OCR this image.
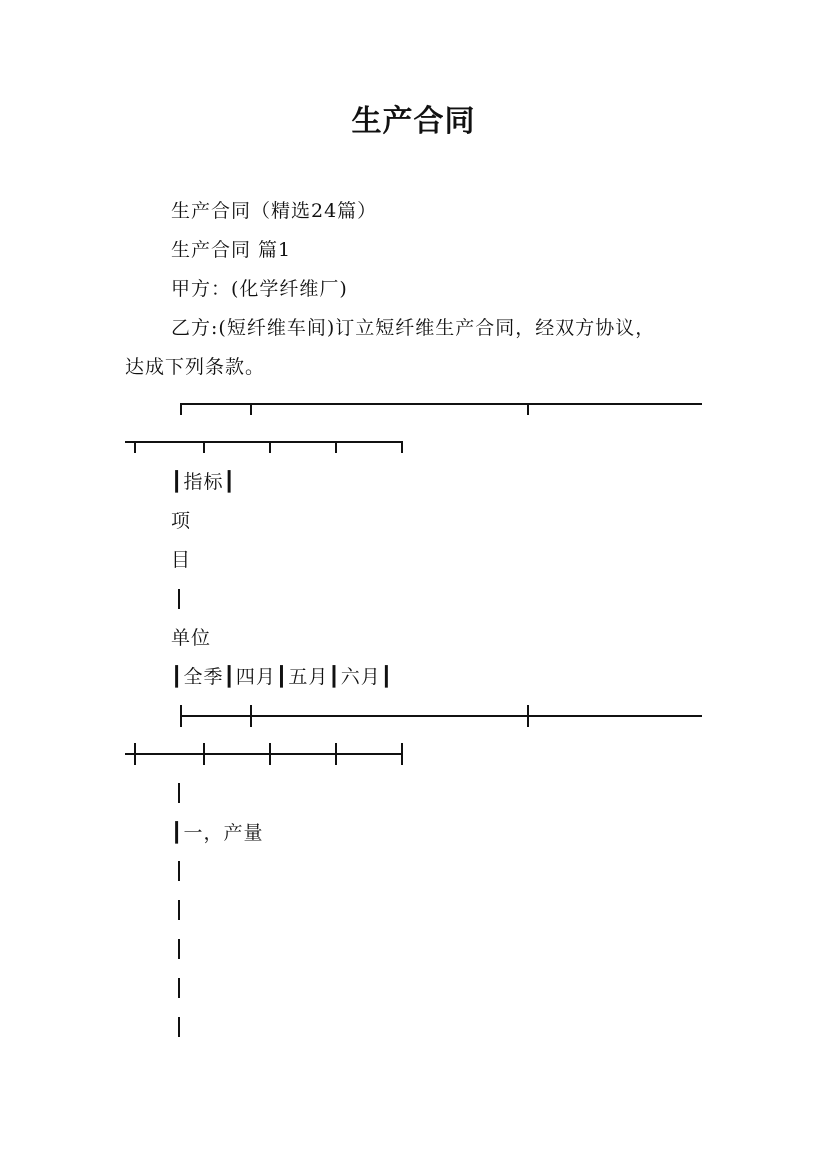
生产合同
生产合同（精选24篇）
生产合同 篇1
甲方：(化学纤维厂)
乙方:(短纤维车间)订立短纤维生产合同，经双方协议，
达成下列条款。
┃指标┃
项
目
单位
┃全季┃四月┃五月┃六月┃
┃一，产量
